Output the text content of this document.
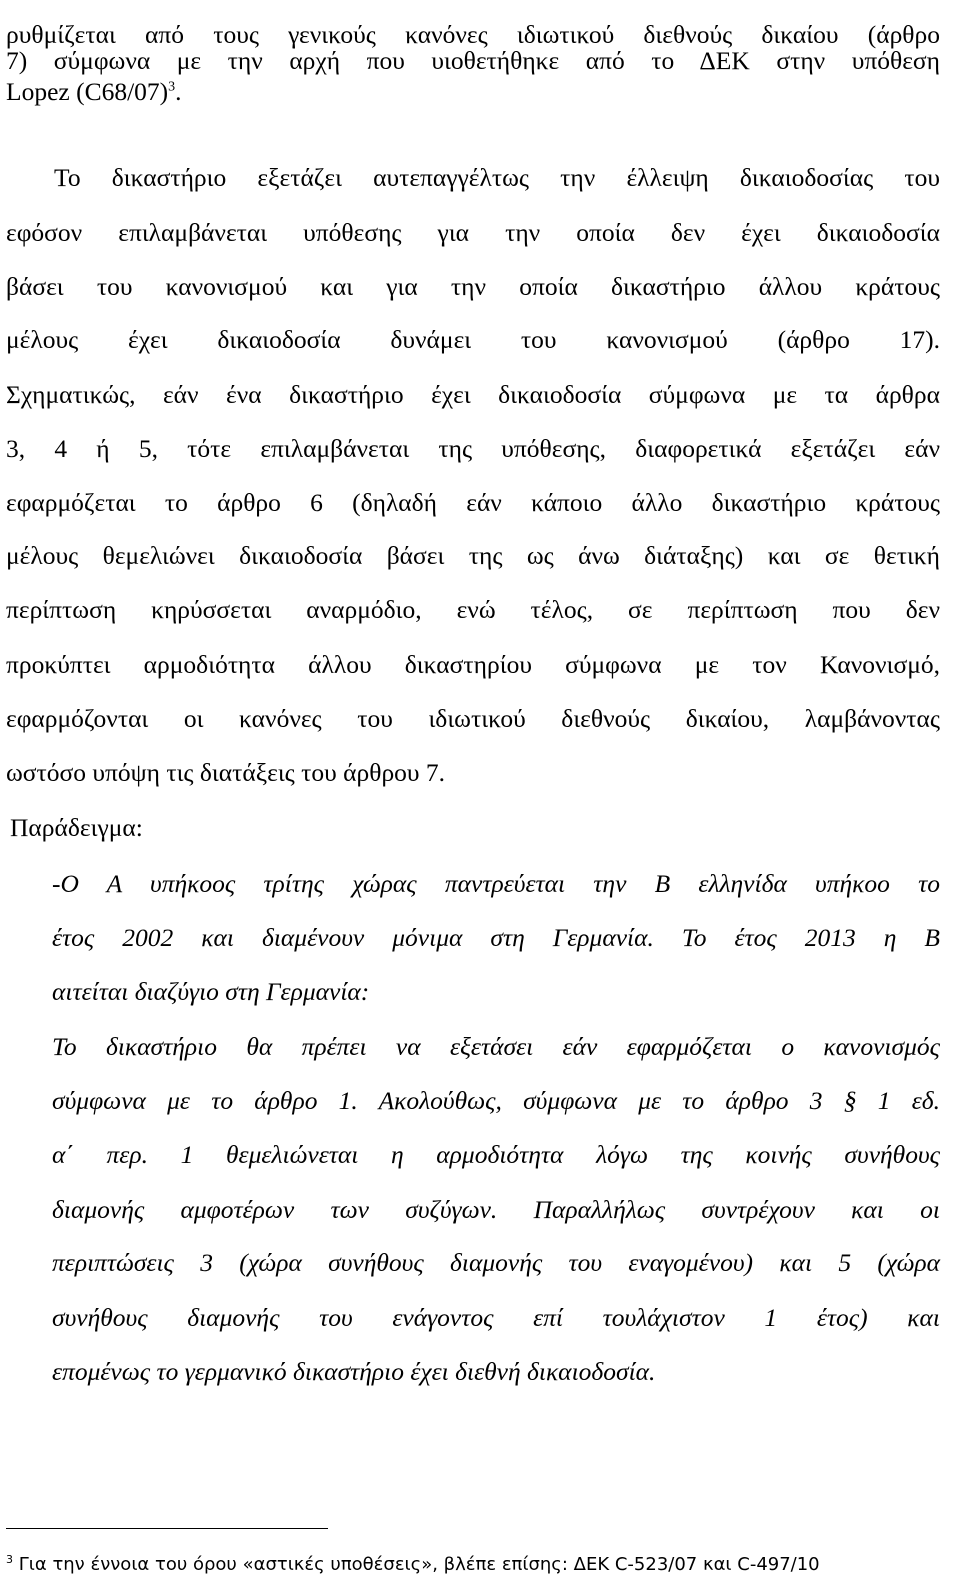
ρυθμίζεται από τους γενικούς κανόνες ιδιωτικού διεθνούς δικαίου (άρθρο
7) σύμφωνα με την αρχή που υιοθετήθηκε από το ΔΕΚ στην υπόθεση
Lopez $(C68/07)^3$.
Το δικαστήριο εξετάζει αυτεπαγγέλτως την έλλειψη δικαιοδοσίας του
εφόσον επιλαμβάνεται υπόθεσης για την οποία δεν έχει δικαιοδοσία
βάσει του κανονισμού και για την οποία δικαστήριο άλλου κράτους
μέλους έχει δικαιοδοσία δυνάμει του κανονισμού (άρθρο 17).
Σχηματικώς, εάν ένα δικαστήριο έχει δικαιοδοσία σύμφωνα με τα άρθρα
3, 4 ή 5, τότε επιλαμβάνεται της υπόθεσης, διαφορετικά εξετάζει εάν
εφαρμόζεται το άρθρο 6 (δηλαδή εάν κάποιο άλλο δικαστήριο κράτους
μέλους θεμελιώνει δικαιοδοσία βάσει της ως άνω διάταξης) και σε θετική
περίπτωση κηρύσσεται αναρμόδιο, ενώ τέλος, σε περίπτωση που δεν
προκύπτει αρμοδιότητα άλλου δικαστηρίου σύμφωνα με τον Κανονισμό,
εφαρμόζονται οι κανόνες του ιδιωτικού διεθνούς δικαίου, λαμβάνοντας
ωστόσο υπόψη τις διατάξεις του άρθρου 7.
Παράδειγμα:
-Ο Α υπήκοος τρίτης χώρας παντρεύεται την Β ελληνίδα υπήκοο το
έτος 2002 και διαμένουν μόνιμα στη Γερμανία. Το έτος 2013 η Β
αιτείται διαζύγιο στη Γερμανία:
Το δικαστήριο θα πρέπει να εξετάσει εάν εφαρμόζεται ο κανονισμός
σύμφωνα με το άρθρο 1. Ακολούθως, σύμφωνα με το άρθρο 3 § 1 εδ.
α΄ περ. 1 θεμελιώνεται η αρμοδιότητα λόγω της κοινής συνήθους
διαμονής αμφοτέρων των συζύγων. Παραλλήλως συντρέχουν και οι
περιπτώσεις 3 (χώρα συνήθους διαμονής του εναγομένου) και 5 (χώρα
συνήθους διαμονής του ενάγοντος επί τουλάχιστον 1 έτος) και
επομένως το γερμανικό δικαστήριο έχει διεθνή δικαιοδοσία.
$^3$ Για την έννοια του όρου «αστικές υποθέσεις», βλέπε επίσης: ΔΕΚ C-523/07 και C-497/10
